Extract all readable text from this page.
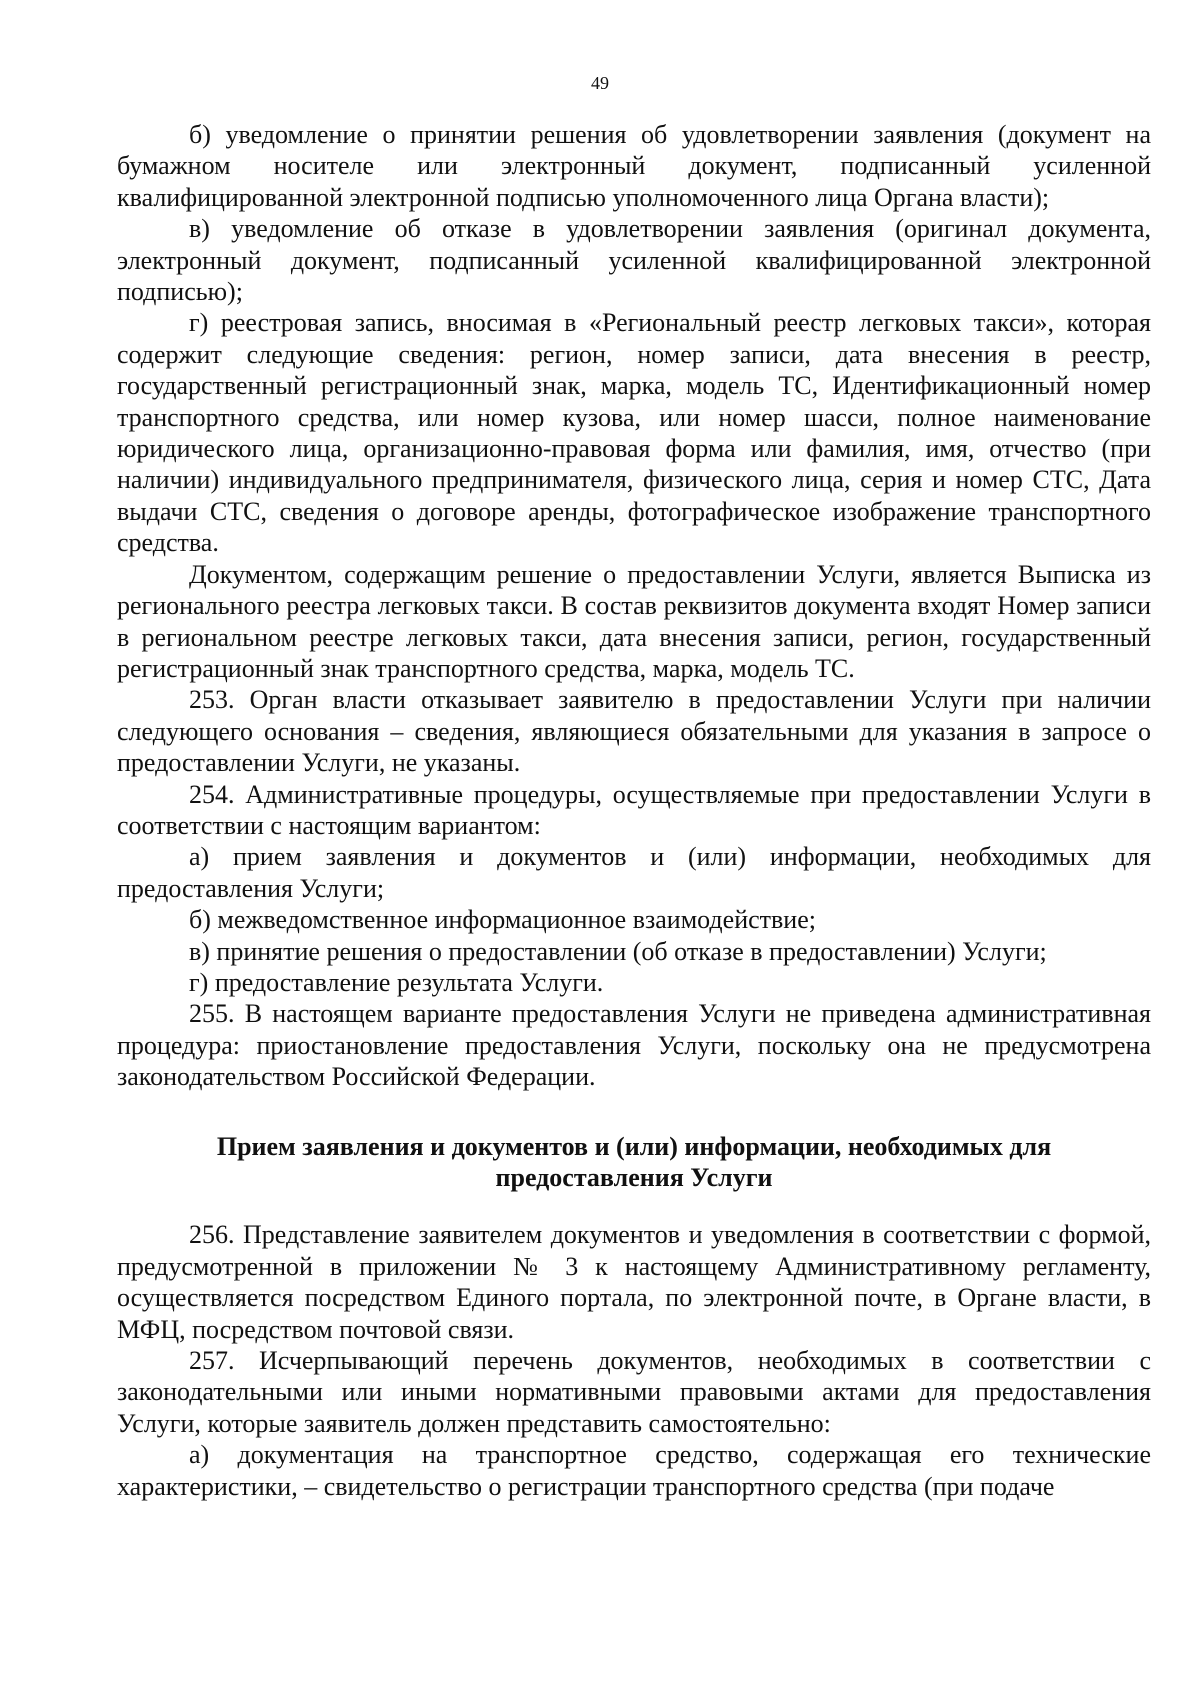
49

б) уведомление о принятии решения об удовлетворении заявления (документ на бумажном носителе или электронный документ, подписанный усиленной квалифицированной электронной подписью уполномоченного лица Органа власти);

в) уведомление об отказе в удовлетворении заявления (оригинал документа, электронный документ, подписанный усиленной квалифицированной электронной подписью);

г) реестровая запись, вносимая в «Региональный реестр легковых такси», которая содержит следующие сведения: регион, номер записи, дата внесения в реестр, государственный регистрационный знак, марка, модель ТС, Идентификационный номер транспортного средства, или номер кузова, или номер шасси, полное наименование юридического лица, организационно-правовая форма или фамилия, имя, отчество (при наличии) индивидуального предпринимателя, физического лица, серия и номер СТС, Дата выдачи СТС, сведения о договоре аренды, фотографическое изображение транспортного средства.

Документом, содержащим решение о предоставлении Услуги, является Выписка из регионального реестра легковых такси. В состав реквизитов документа входят Номер записи в региональном реестре легковых такси, дата внесения записи, регион, государственный регистрационный знак транспортного средства, марка, модель ТС.

253. Орган власти отказывает заявителю в предоставлении Услуги при наличии следующего основания – сведения, являющиеся обязательными для указания в запросе о предоставлении Услуги, не указаны.

254. Административные процедуры, осуществляемые при предоставлении Услуги в соответствии с настоящим вариантом:

а) прием заявления и документов и (или) информации, необходимых для предоставления Услуги;

б) межведомственное информационное взаимодействие;

в) принятие решения о предоставлении (об отказе в предоставлении) Услуги;

г) предоставление результата Услуги.

255. В настоящем варианте предоставления Услуги не приведена административная процедура: приостановление предоставления Услуги, поскольку она не предусмотрена законодательством Российской Федерации.

Прием заявления и документов и (или) информации, необходимых для предоставления Услуги

256. Представление заявителем документов и уведомления в соответствии с формой, предусмотренной в приложении № 3 к настоящему Административному регламенту, осуществляется посредством Единого портала, по электронной почте, в Органе власти, в МФЦ, посредством почтовой связи.

257. Исчерпывающий перечень документов, необходимых в соответствии с законодательными или иными нормативными правовыми актами для предоставления Услуги, которые заявитель должен представить самостоятельно:

а) документация на транспортное средство, содержащая его технические характеристики, – свидетельство о регистрации транспортного средства (при подаче
